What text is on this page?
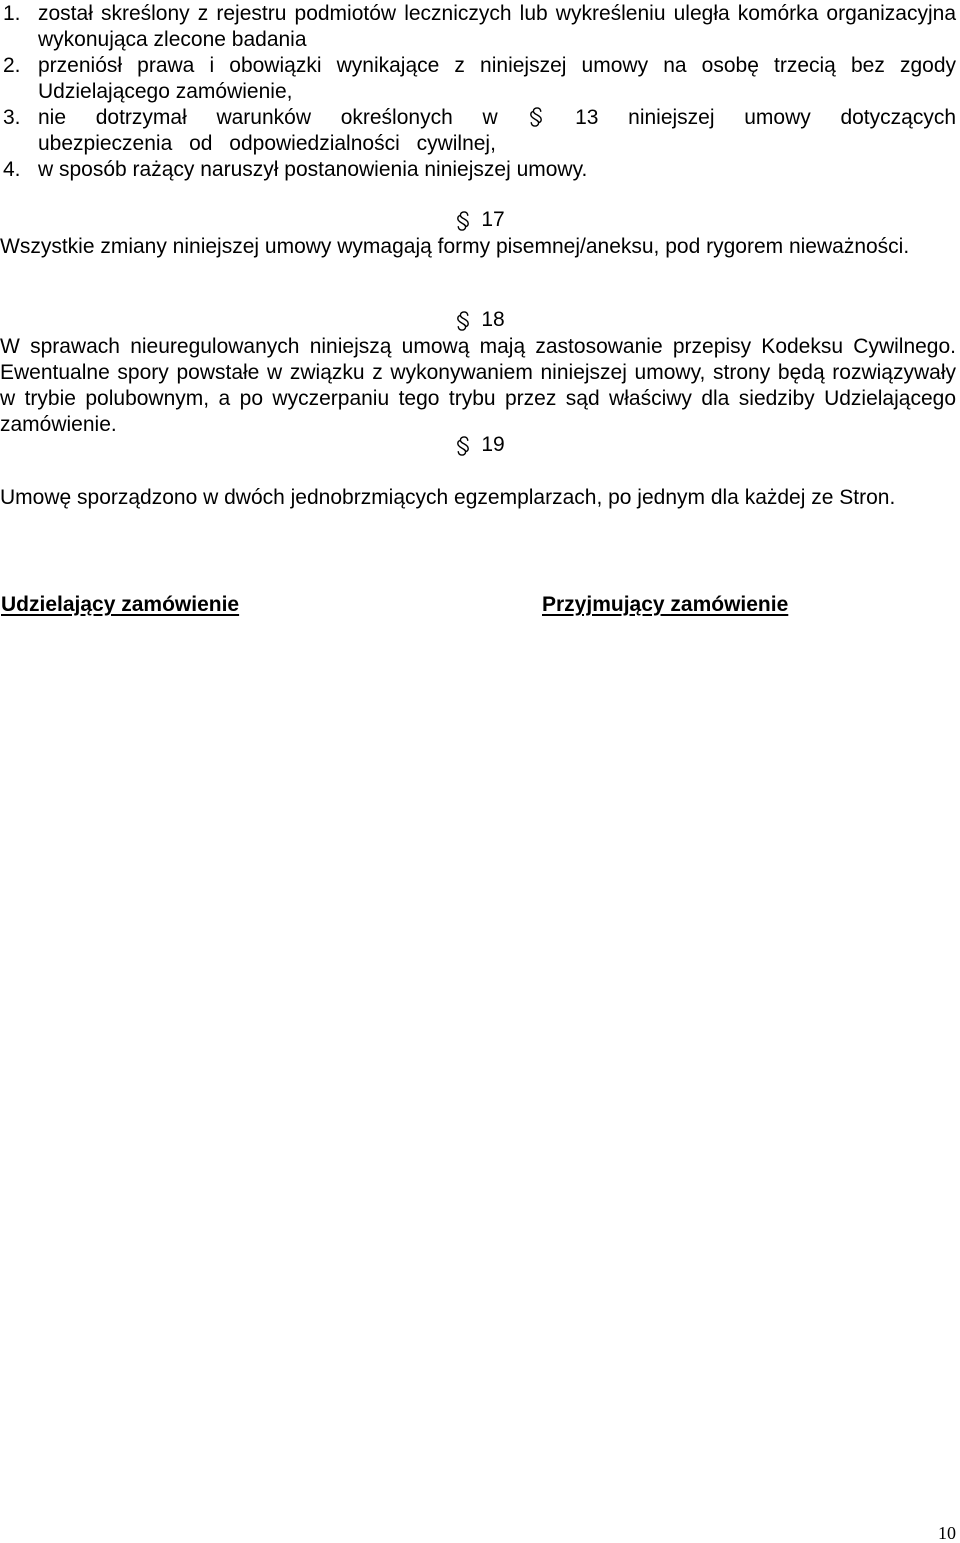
1. został skreślony z rejestru podmiotów leczniczych lub wykreśleniu uległa komórka organizacyjna wykonująca zlecone badania
2. przeniósł prawa i obowiązki wynikające z niniejszej umowy na osobę trzecią bez zgody Udzielającego zamówienie,
3. nie dotrzymał warunków określonych w	13 niniejszej umowy dotyczących ubezpieczenia od odpowiedzialności cywilnej,
4. w sposób rażący naruszył postanowienia niniejszej umowy.
17
Wszystkie zmiany niniejszej umowy wymagają formy pisemnej/aneksu, pod rygorem nieważności.
18
W sprawach nieuregulowanych niniejszą umową mają zastosowanie przepisy Kodeksu Cywilnego. Ewentualne spory powstałe w związku z wykonywaniem niniejszej umowy, strony będą rozwiązywały w trybie polubownym, a po wyczerpaniu tego trybu przez sąd właściwy dla siedziby Udzielającego zamówienie.
19
Umowę sporządzono w dwóch jednobrzmiących egzemplarzach, po jednym dla każdej ze Stron.
Udzielający zamówienie	Przyjmujący zamówienie
10
